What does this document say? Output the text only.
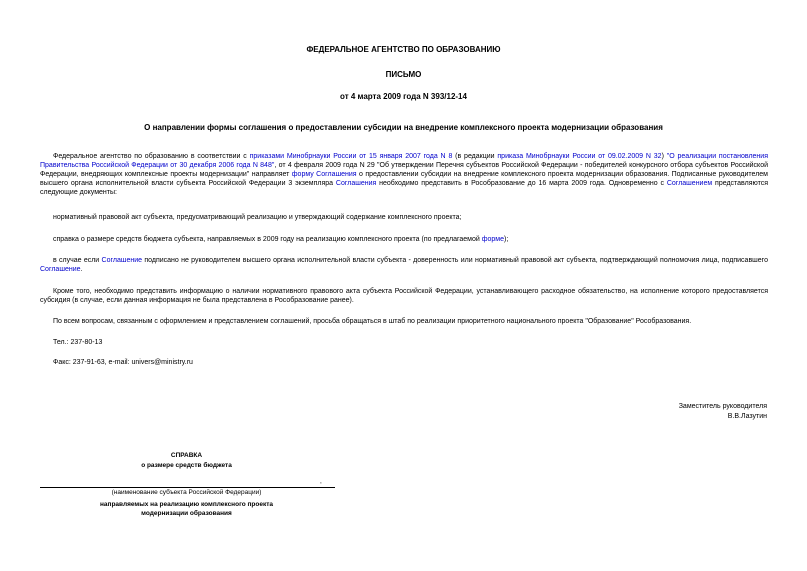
ФЕДЕРАЛЬНОЕ АГЕНТСТВО ПО ОБРАЗОВАНИЮ
ПИСЬМО
от 4 марта 2009 года N 393/12-14
О направлении формы соглашения о предоставлении субсидии на внедрение комплексного проекта модернизации образования
Федеральное агентство по образованию в соответствии с приказами Минобрнауки России от 15 января 2007 года N 8 (в редакции приказа Минобрнауки России от 09.02.2009 N 32) "О реализации постановления Правительства Российской Федерации от 30 декабря 2006 года N 848", от 4 февраля 2009 года N 29 "Об утверждении Перечня субъектов Российской Федерации - победителей конкурсного отбора субъектов Российской Федерации, внедряющих комплексные проекты модернизации" направляет форму Соглашения о предоставлении субсидии на внедрение комплексного проекта модернизации образования. Подписанные руководителем высшего органа исполнительной власти субъекта Российской Федерации 3 экземпляра Соглашения необходимо представить в Рособразование до 16 марта 2009 года. Одновременно с Соглашением представляются следующие документы:
нормативный правовой акт субъекта, предусматривающий реализацию и утверждающий содержание комплексного проекта;
справка о размере средств бюджета субъекта, направляемых в 2009 году на реализацию комплексного проекта (по предлагаемой форме);
в случае если Соглашение подписано не руководителем высшего органа исполнительной власти субъекта - доверенность или нормативный правовой акт субъекта, подтверждающий полномочия лица, подписавшего Соглашение.
Кроме того, необходимо представить информацию о наличии нормативного правового акта субъекта Российской Федерации, устанавливающего расходное обязательство, на исполнение которого предоставляется субсидия (в случае, если данная информация не была представлена в Рособразование ранее).
По всем вопросам, связанным с оформлением и представлением соглашений, просьба обращаться в штаб по реализации приоритетного национального проекта "Образование" Рособразования.
Тел.: 237-80-13
Факс: 237-91-63, e-mail: univers@ministry.ru
Заместитель руководителя
В.В.Лазутин
СПРАВКА
о размере средств бюджета
,
(наименование субъекта Российской Федерации)
направляемых на реализацию комплексного проекта
модернизации образования
